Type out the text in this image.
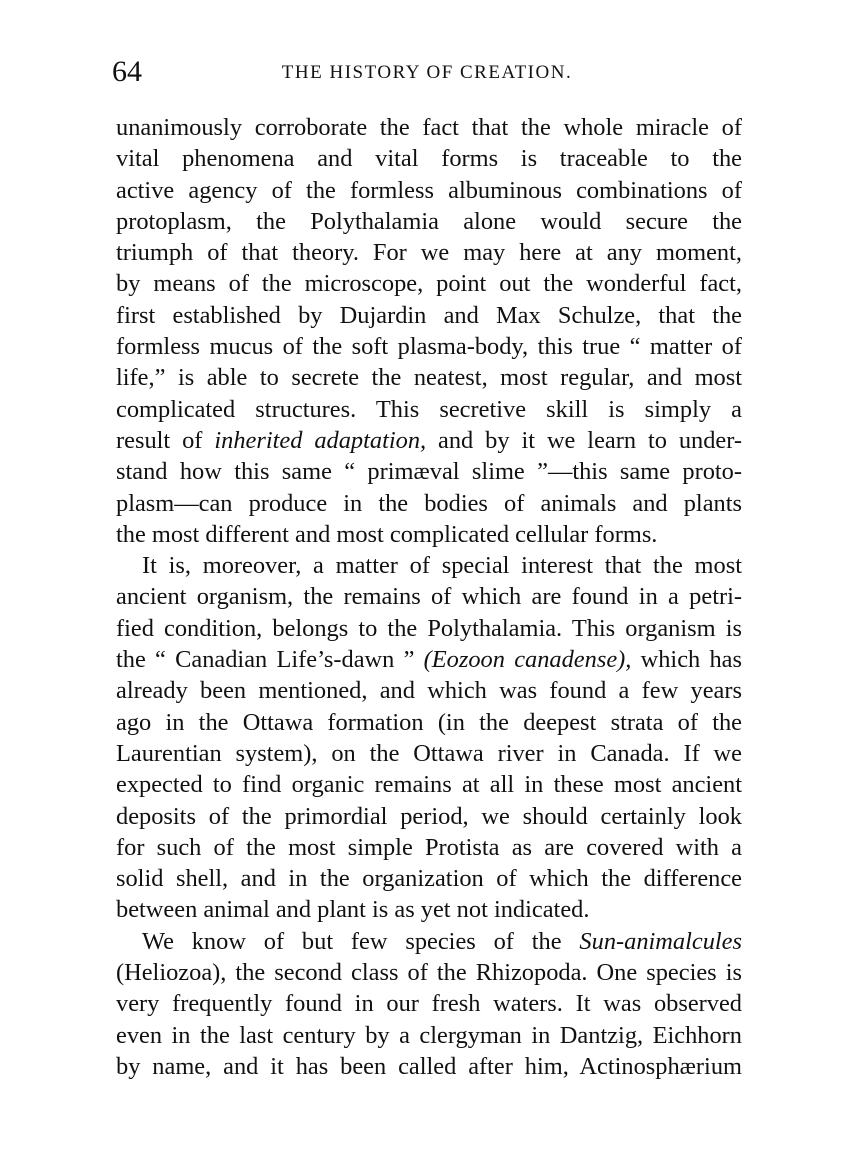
64	THE HISTORY OF CREATION.
unanimously corroborate the fact that the whole miracle of
vital phenomena and vital forms is traceable to the
active agency of the formless albuminous combinations of
protoplasm, the Polythalamia alone would secure the
triumph of that theory. For we may here at any moment,
by means of the microscope, point out the wonderful fact,
first established by Dujardin and Max Schulze, that the
formless mucus of the soft plasma-body, this true “ matter of
life,” is able to secrete the neatest, most regular, and most
complicated structures. This secretive skill is simply a
result of inherited adaptation, and by it we learn to under-
stand how this same “ primæval slime ”—this same proto-
plasm—can produce in the bodies of animals and plants
the most different and most complicated cellular forms.
It is, moreover, a matter of special interest that the most
ancient organism, the remains of which are found in a petri-
fied condition, belongs to the Polythalamia. This organism is
the “ Canadian Life’s-dawn ” (Eozoon canadense), which has
already been mentioned, and which was found a few years
ago in the Ottawa formation (in the deepest strata of the
Laurentian system), on the Ottawa river in Canada. If we
expected to find organic remains at all in these most ancient
deposits of the primordial period, we should certainly look
for such of the most simple Protista as are covered with a
solid shell, and in the organization of which the difference
between animal and plant is as yet not indicated.
We know of but few species of the Sun-animalcules
(Heliozoa), the second class of the Rhizopoda. One species is
very frequently found in our fresh waters. It was observed
even in the last century by a clergyman in Dantzig, Eichhorn
by name, and it has been called after him, Actinosphærium
